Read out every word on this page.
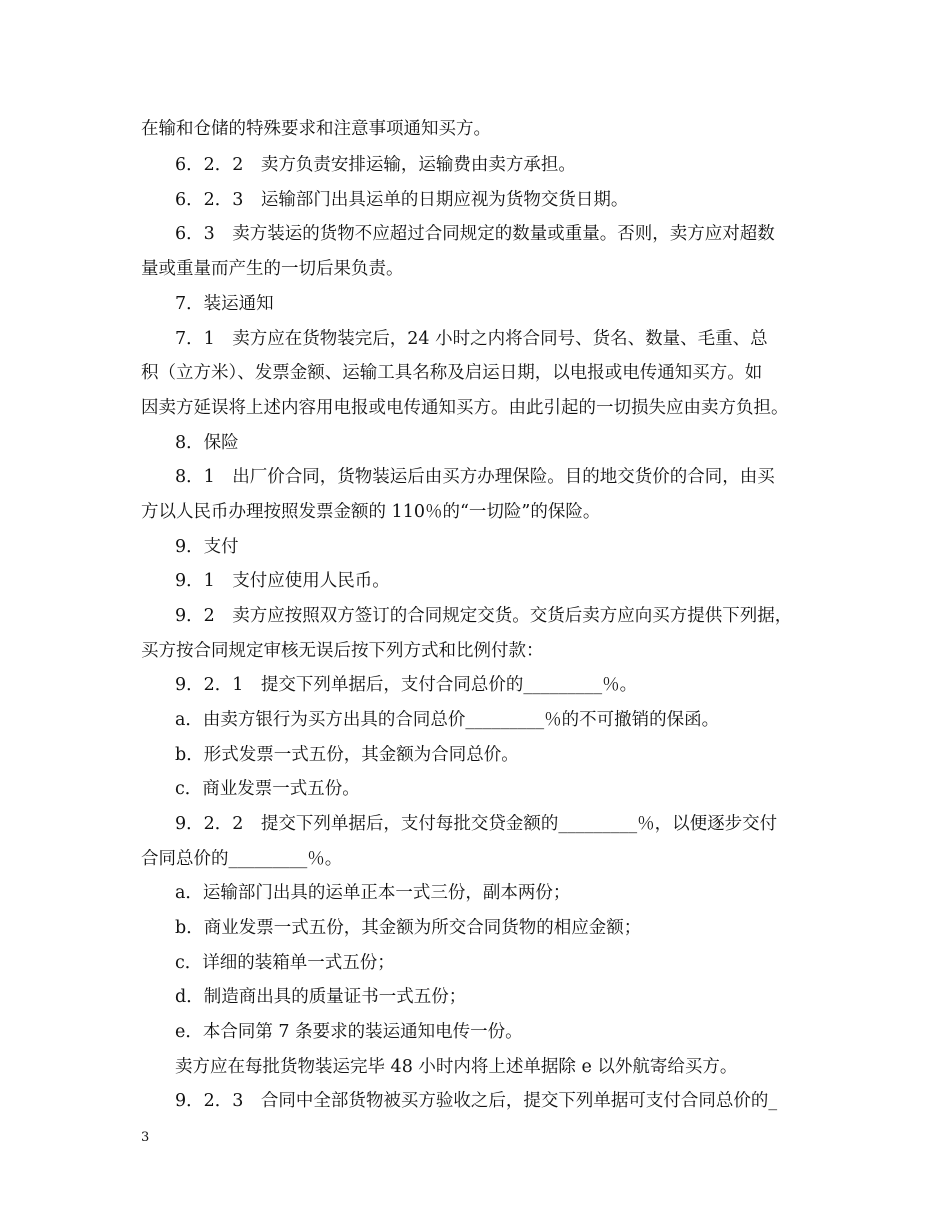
在输和仓储的特殊要求和注意事项通知买方。
6．2．2　卖方负责安排运输，运输费由卖方承担。
6．2．3　运输部门出具运单的日期应视为货物交货日期。
6．3　卖方装运的货物不应超过合同规定的数量或重量。否则，卖方应对超数
量或重量而产生的一切后果负责。
7．装运通知
7．1　卖方应在货物装完后，24 小时之内将合同号、货名、数量、毛重、总
积（立方米）、发票金额、运输工具名称及启运日期，以电报或电传通知买方。如
因卖方延误将上述内容用电报或电传通知买方。由此引起的一切损失应由卖方负担。
8．保险
8．1　出厂价合同，货物装运后由买方办理保险。目的地交货价的合同，由买
方以人民币办理按照发票金额的 110％的“一切险”的保险。
9．支付
9．1　支付应使用人民币。
9．2　卖方应按照双方签订的合同规定交货。交货后卖方应向买方提供下列据，
买方按合同规定审核无误后按下列方式和比例付款：
9．2．1　提交下列单据后，支付合同总价的_________％。
a．由卖方银行为买方出具的合同总价_________％的不可撤销的保函。
b．形式发票一式五份，其金额为合同总价。
c．商业发票一式五份。
9．2．2　提交下列单据后，支付每批交贷金额的_________％，以便逐步交付
合同总价的_________％。
a．运输部门出具的运单正本一式三份，副本两份；
b．商业发票一式五份，其金额为所交合同货物的相应金额；
c．详细的装箱单一式五份；
d．制造商出具的质量证书一式五份；
e．本合同第 7 条要求的装运通知电传一份。
卖方应在每批货物装运完毕 48 小时内将上述单据除 e 以外航寄给买方。
9．2．3　合同中全部货物被买方验收之后，提交下列单据可支付合同总价的_
3
